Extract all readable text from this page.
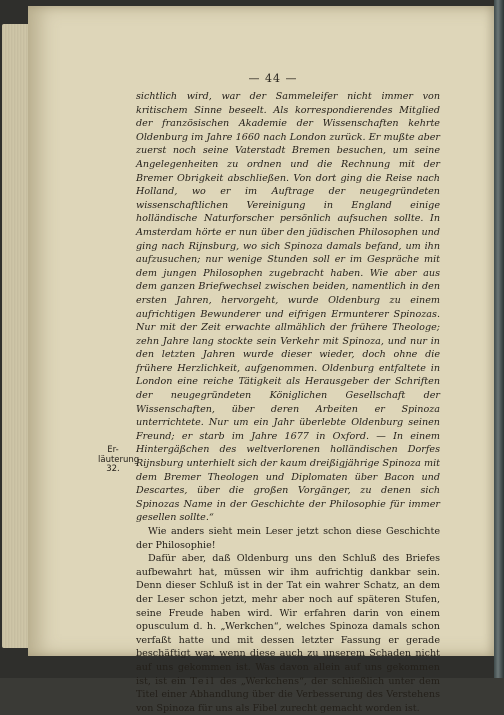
— 44 —

sichtlich wird, war der Sammeleifer nicht immer von kritischem Sinne beseelt. Als korrespondierendes Mitglied der französischen Akademie der Wissenschaften kehrte Oldenburg im Jahre 1660 nach London zurück. Er mußte aber zuerst noch seine Vaterstadt Bremen besuchen, um seine Angelegenheiten zu ordnen und die Rechnung mit der Bremer Obrigkeit abschließen. Von dort ging die Reise nach Holland, wo er im Auftrage der neugegründeten wissenschaftlichen Vereinigung in England einige holländische Naturforscher persönlich aufsuchen sollte. In Amsterdam hörte er nun über den jüdischen Philosophen und ging nach Rijnsburg, wo sich Spinoza damals befand, um ihn aufzusuchen; nur wenige Stunden soll er im Gespräche mit dem jungen Philosophen zugebracht haben. Wie aber aus dem ganzen Briefwechsel zwischen beiden, namentlich in den ersten Jahren, hervorgeht, wurde Oldenburg zu einem aufrichtigen Bewunderer und eifrigen Ermunterer Spinozas. Nur mit der Zeit erwachte allmählich der frühere Theologe; zehn Jahre lang stockte sein Verkehr mit Spinoza, und nur in den letzten Jahren wurde dieser wieder, doch ohne die frühere Herzlichkeit, aufgenommen. Oldenburg entfaltete in London eine reiche Tätigkeit als Herausgeber der Schriften der neugegründeten Königlichen Gesellschaft der Wissenschaften, über deren Arbeiten er Spinoza unterrichtete. Nur um ein Jahr überlebte Oldenburg seinen Freund; er starb im Jahre 1677 in Oxford. — In einem Hintergäßchen des weltverlorenen holländischen Dorfes Rijnsburg unterhielt sich der kaum dreißigjährige Spinoza mit dem Bremer Theologen und Diplomaten über Bacon und Descartes, über die großen Vorgänger, zu denen sich Spinozas Name in der Geschichte der Philosophie für immer gesellen sollte.“

Wie anders sieht mein Leser jetzt schon diese Geschichte der Philosophie!

Dafür aber, daß Oldenburg uns den Schluß des Briefes aufbewahrt hat, müssen wir ihm aufrichtig dankbar sein. Denn dieser Schluß ist in der Tat ein wahrer Schatz, an dem der Leser schon jetzt, mehr aber noch auf späteren Stufen, seine Freude haben wird. Wir erfahren darin von einem opusculum d. h. „Werkchen“, welches Spinoza damals schon verfaßt hatte und mit dessen letzter Fassung er gerade beschäftigt war, wenn diese auch zu unserem Schaden nicht auf uns gekommen ist. Was davon allein auf uns gekommen ist, ist ein Teil des „Werkchens“, der schließlich unter dem Titel einer Abhandlung über die Verbesserung des Verstehens von Spinoza für uns als Fibel zurecht gemacht worden ist.

Er-
läuterung
32.
